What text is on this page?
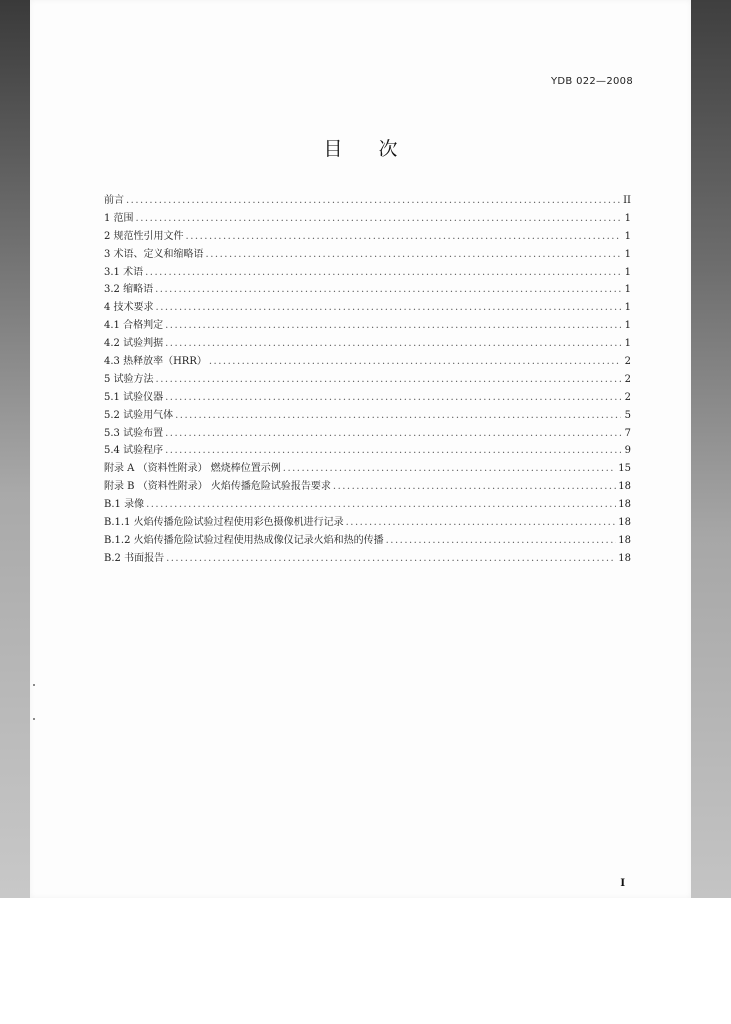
YDB 022—2008
目 次
前言 .....	II
1 范围 .....	1
2 规范性引用文件 .....	1
3 术语、定义和缩略语 .....	1
3.1 术语 .....	1
3.2 缩略语 .....	1
4 技术要求 .....	1
4.1 合格判定 .....	1
4.2 试验判据 .....	1
4.3 热释放率（HRR） .....	2
5 试验方法 .....	2
5.1 试验仪器 .....	2
5.2 试验用气体 .....	5
5.3 试验布置 .....	7
5.4 试验程序 .....	9
附录 A （资料性附录） 燃烧棒位置示例 .....	15
附录 B （资料性附录） 火焰传播危险试验报告要求 .....	18
B.1 录像 .....	18
B.1.1 火焰传播危险试验过程使用彩色摄像机进行记录 .....	18
B.1.2 火焰传播危险试验过程使用热成像仪记录火焰和热的传播 .....	18
B.2 书面报告 .....	18
I
